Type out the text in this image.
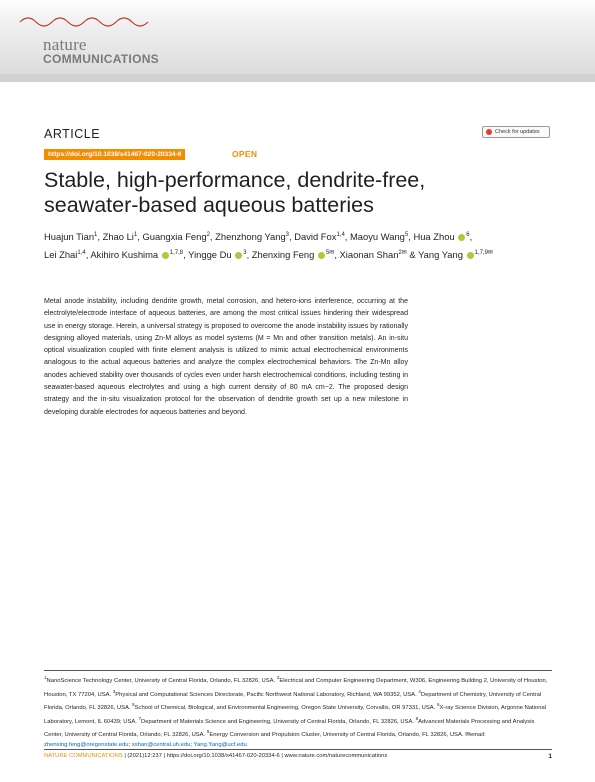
nature
COMMUNICATIONS
ARTICLE	Check for updates
https://doi.org/10.1038/s41467-020-20334-6	OPEN
Stable, high-performance, dendrite-free,
seawater-based aqueous batteries
Huajun Tian$^1$, Zhao Li$^1$, Guangxia Feng$^2$, Zhenzhong Yang$^3$, David Fox$^{1,4}$, Maoyu Wang$^5$, Hua Zhou $^6$,
Lei Zhai$^{1,4}$, Akihiro Kushima $^{1,7,8}$, Yingge Du $^3$, Zhenxing Feng $^{5✉}$, Xiaonan Shan$^{2✉}$ & Yang Yang $^{1,7,9✉}$
Metal anode instability, including dendrite growth, metal corrosion, and hetero-ions interference, occurring at the electrolyte/electrode interface of aqueous batteries, are among the most critical issues hindering their widespread use in energy storage. Herein, a universal strategy is proposed to overcome the anode instability issues by rationally designing alloyed materials, using Zn-M alloys as model systems (M = Mn and other transition metals). An in-situ optical visualization coupled with finite element analysis is utilized to mimic actual electrochemical environments analogous to the actual aqueous batteries and analyze the complex electrochemical behaviors. The Zn-Mn alloy anodes achieved stability over thousands of cycles even under harsh electrochemical conditions, including testing in seawater-based aqueous electrolytes and using a high current density of 80 mA cm−2. The proposed design strategy and the in-situ visualization protocol for the observation of dendrite growth set up a new milestone in developing durable electrodes for aqueous batteries and beyond.
$^1$NanoScience Technology Center, University of Central Florida, Orlando, FL 32826, USA. $^2$Electrical and Computer Engineering Department, W306, Engineering Building 2, University of Houston, Houston, TX 77204, USA. $^3$Physical and Computational Sciences Directorate, Pacific Northwest National Laboratory, Richland, WA 99352, USA. $^4$Department of Chemistry, University of Central Florida, Orlando, FL 32826, USA. $^5$School of Chemical, Biological, and Environmental Engineering, Oregon State University, Corvallis, OR 97331, USA. $^6$X-ray Science Division, Argonne National Laboratory, Lemont, IL 60439; USA. $^7$Department of Materials Science and Engineering, University of Central Florida, Orlando, FL 32826, USA. $^8$Advanced Materials Processing and Analysis Center, University of Central Florida, Orlando, FL 32826, USA. $^9$Energy Conversion and Propulsion Cluster, University of Central Florida, Orlando, FL 32826, USA. ✉email: zhenxing.feng@oregonstate.edu; xshan@central.uh.edu; Yang.Yang@ucf.edu
NATURE COMMUNICATIONS | (2021)12:237 | https://doi.org/10.1038/s41467-020-20334-6 | www.nature.com/naturecommunications	1
